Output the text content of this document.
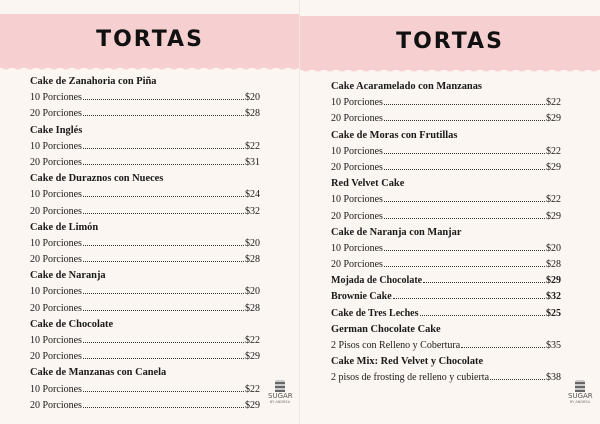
TORTAS
Cake de Zanahoria con Piña
10 Porciones	$20
20 Porciones	$28
Cake Inglés
10 Porciones	$22
20 Porciones	$31
Cake de Duraznos con Nueces
10 Porciones	$24
20 Porciones	$32
Cake de Limón
10 Porciones	$20
20 Porciones	$28
Cake de Naranja
10 Porciones	$20
20 Porciones	$28
Cake de Chocolate
10 Porciones	$22
20 Porciones	$29
Cake de Manzanas con Canela
10 Porciones	$22
20 Porciones	$29
TORTAS
Cake Acaramelado con Manzanas
10 Porciones	$22
20 Porciones	$29
Cake de Moras con Frutillas
10 Porciones	$22
20 Porciones	$29
Red Velvet Cake
10 Porciones	$22
20 Porciones	$29
Cake de Naranja con Manjar
10 Porciones	$20
20 Porciones	$28
Mojada de Chocolate	$29
Brownie Cake	$32
Cake de Tres Leches	$25
German Chocolate Cake
2 Pisos con Relleno y Cobertura	$35
Cake Mix: Red Velvet y Chocolate
2 pisos de frosting de relleno y cubierta	$38
SUGAR
BY ANDREA
SUGAR
BY ANDREA
